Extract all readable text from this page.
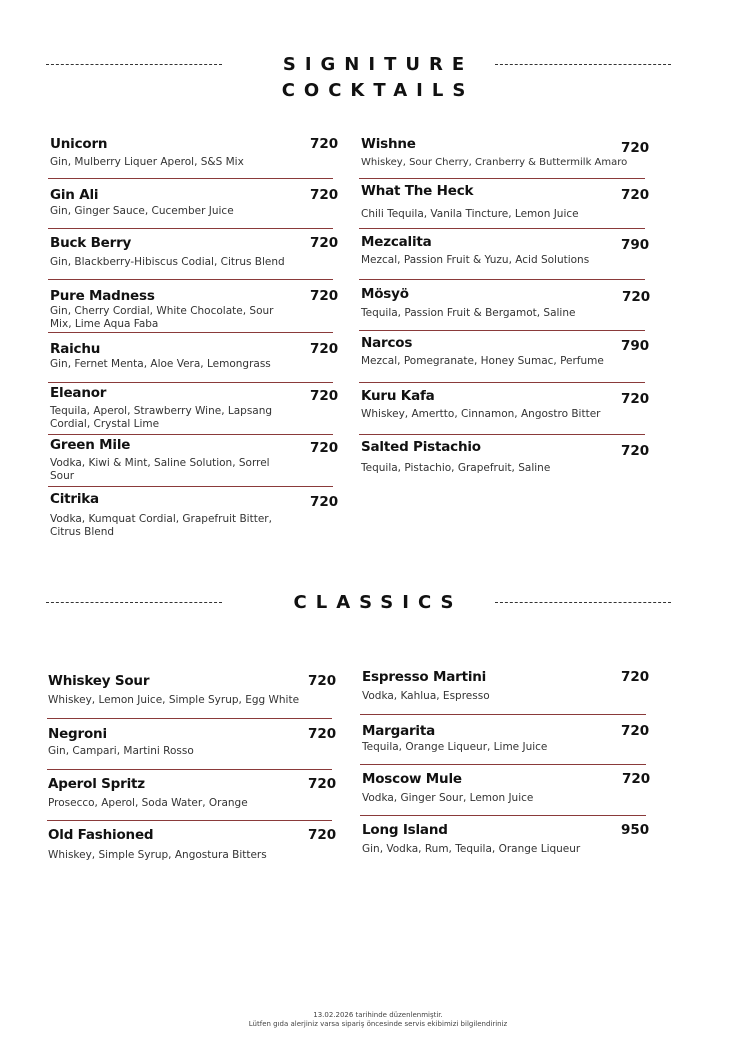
SIGNITURE
COCKTAILS
Unicorn	720
Gin, Mulberry Liquer Aperol, S&S Mix
Gin Ali	720
Gin, Ginger Sauce, Cucember Juice
Buck Berry	720
Gin, Blackberry-Hibiscus Codial, Citrus Blend
Pure Madness	720
Gin, Cherry Cordial, White Chocolate, Sour Mix, Lime Aqua Faba
Raichu	720
Gin, Fernet Menta, Aloe Vera, Lemongrass
Eleanor	720
Tequila, Aperol, Strawberry Wine, Lapsang Cordial, Crystal Lime
Green Mile	720
Vodka, Kiwi & Mint, Saline Solution, Sorrel Sour
Citrika	720
Vodka, Kumquat Cordial, Grapefruit Bitter, Citrus Blend
Wishne	720
Whiskey, Sour Cherry, Cranberry & Buttermilk Amaro
What The Heck	720
Chili Tequila, Vanila Tincture, Lemon Juice
Mezcalita	790
Mezcal, Passion Fruit & Yuzu, Acid Solutions
Mösyö	720
Tequila, Passion Fruit & Bergamot, Saline
Narcos	790
Mezcal, Pomegranate, Honey Sumac, Perfume
Kuru Kafa	720
Whiskey, Amertto, Cinnamon, Angostro Bitter
Salted Pistachio	720
Tequila, Pistachio, Grapefruit, Saline
CLASSICS
Whiskey Sour	720
Whiskey, Lemon Juice, Simple Syrup, Egg White
Negroni	720
Gin, Campari, Martini Rosso
Aperol Spritz	720
Prosecco, Aperol, Soda Water, Orange
Old Fashioned	720
Whiskey, Simple Syrup, Angostura Bitters
Espresso Martini	720
Vodka, Kahlua, Espresso
Margarita	720
Tequila, Orange Liqueur, Lime Juice
Moscow Mule	720
Vodka, Ginger Sour, Lemon Juice
Long Island	950
Gin, Vodka, Rum, Tequila, Orange Liqueur
13.02.2026 tarihinde düzenlenmiştir.
Lütfen gıda alerjiniz varsa sipariş öncesinde servis ekibimizi bilgilendiriniz
